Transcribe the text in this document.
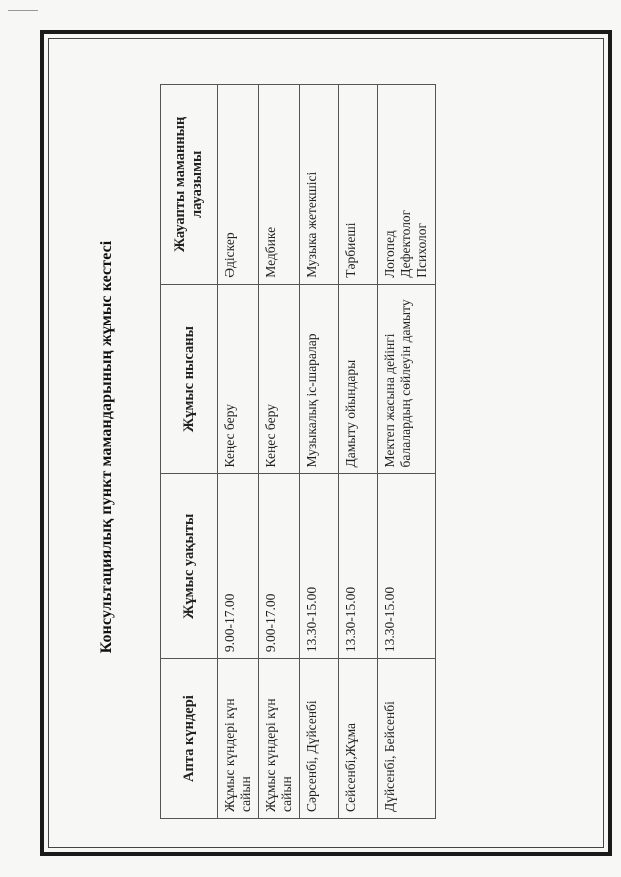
Консультациялық пункт мамандарының жұмыс кестесі
Апта күндері	Жұмыс уақыты	Жұмыс нысаны	Жауапты маманның лауазымы
Жұмыс күндері күн сайын	9.00-17.00	Кеңес беру	Әдіскер
Жұмыс күндері күн сайын	9.00-17.00	Кеңес беру	Медбике
Сәрсенбі, Дүйсенбі	13.30-15.00	Музыкалық іс-шаралар	Музыка жетекшісі
Сейсенбі,Жұма	13.30-15.00	Дамыту ойындары	Тәрбиеші
Дүйсенбі, Бейсенбі	13.30-15.00	Мектеп жасына дейінгі балалардың сөйлеуін дамыту	Логопед Дефектолог Психолог
